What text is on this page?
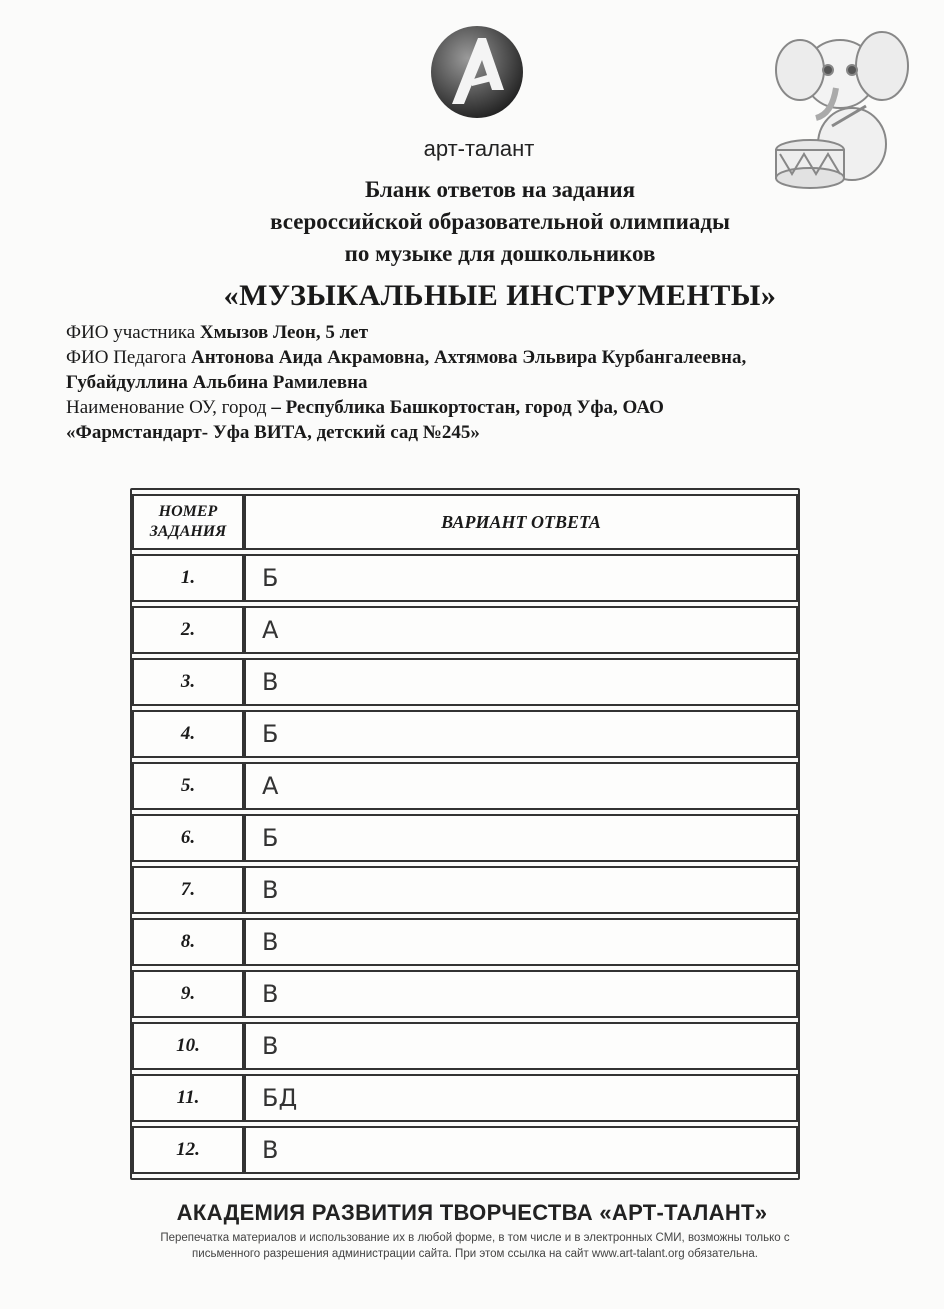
арт-талант
Бланк ответов на задания
всероссийской образовательной олимпиады
по музыке для дошкольников
«МУЗЫКАЛЬНЫЕ ИНСТРУМЕНТЫ»
ФИО участника Хмызов Леон, 5 лет
ФИО Педагога Антонова Аида Акрамовна, Ахтямова Эльвира Курбангалеевна,
Губайдуллина Альбина Рамилевна
Наименование ОУ, город – Республика Башкортостан, город Уфа, ОАО
«Фармстандарт- Уфа ВИТА, детский сад №245»
НОМЕР
ЗАДАНИЯ	ВАРИАНТ ОТВЕТА
1.	Б

2.	А

3.	В

4.	Б

5.	А

6.	Б

7.	В

8.	В

9.	В

10.	В

11.	БД

12.	В
АКАДЕМИЯ РАЗВИТИЯ ТВОРЧЕСТВА «АРТ-ТАЛАНТ»
Перепечатка материалов и использование их в любой форме, в том числе и в электронных СМИ, возможны только с
письменного разрешения администрации сайта. При этом ссылка на сайт www.art-talant.org обязательна.
